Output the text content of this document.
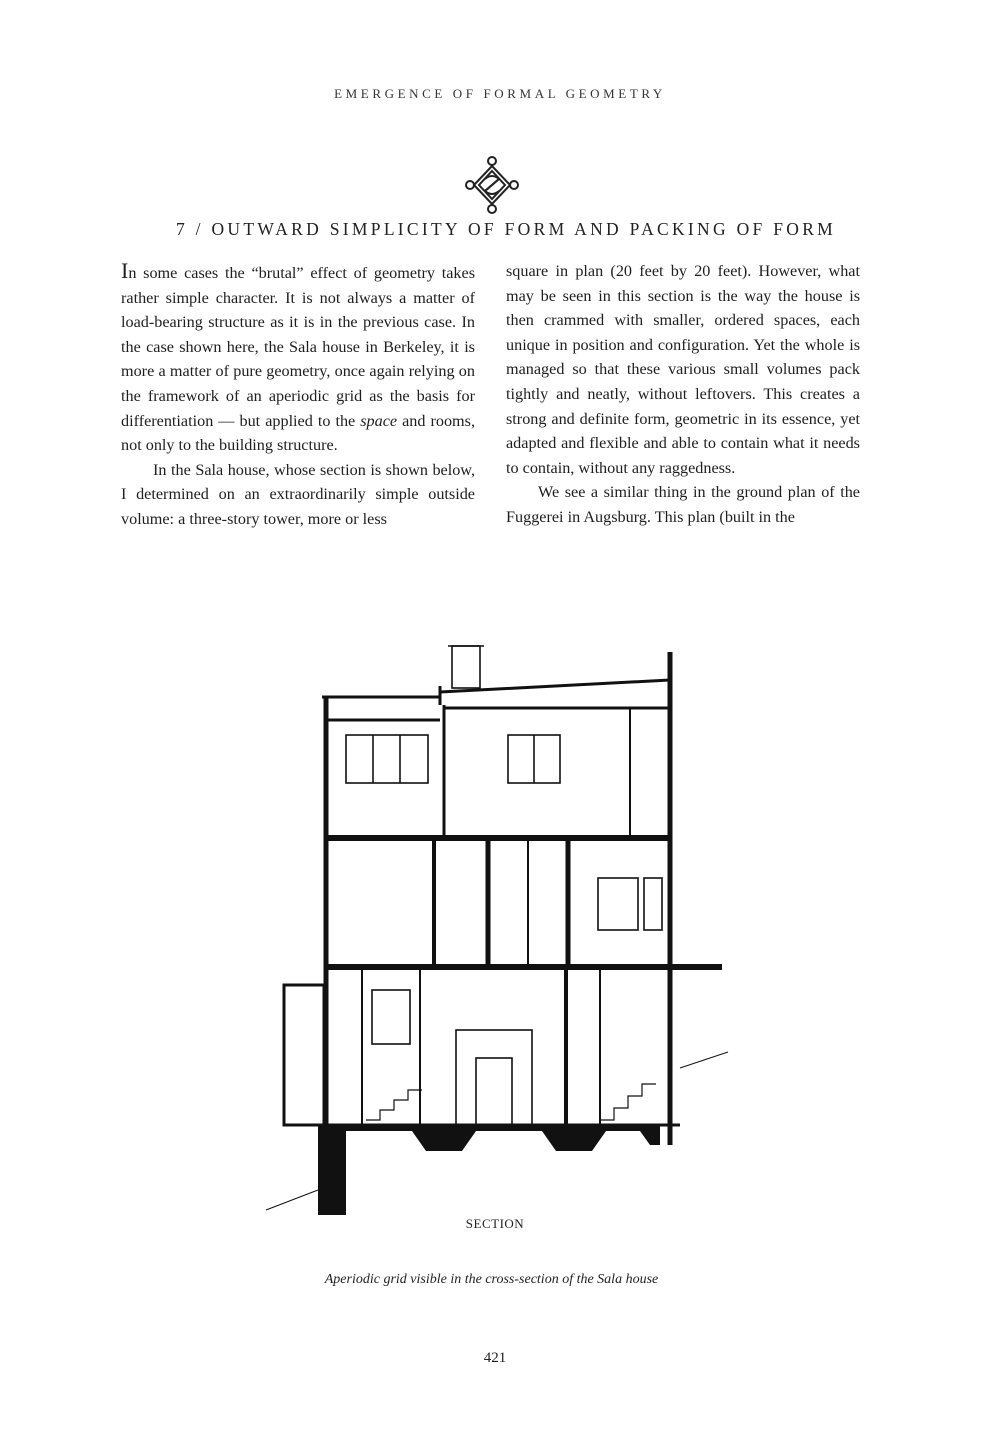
EMERGENCE OF FORMAL GEOMETRY
7 / OUTWARD SIMPLICITY OF FORM AND PACKING OF FORM

In some cases the “brutal” effect of geometry takes rather simple character. It is not always a matter of load-bearing structure as it is in the previous case. In the case shown here, the Sala house in Berkeley, it is more a matter of pure geometry, once again relying on the framework of an aperiodic grid as the basis for differentiation — but applied to the space and rooms, not only to the building structure.

In the Sala house, whose section is shown below, I determined on an extraordinarily simple outside volume: a three-story tower, more or less

square in plan (20 feet by 20 feet). However, what may be seen in this section is the way the house is then crammed with smaller, ordered spaces, each unique in position and configuration. Yet the whole is managed so that these various small volumes pack tightly and neatly, without leftovers. This creates a strong and definite form, geometric in its essence, yet adapted and flexible and able to contain what it needs to contain, without any raggedness.

We see a similar thing in the ground plan of the Fuggerei in Augsburg. This plan (built in the

SECTION
Aperiodic grid visible in the cross-section of the Sala house
421
